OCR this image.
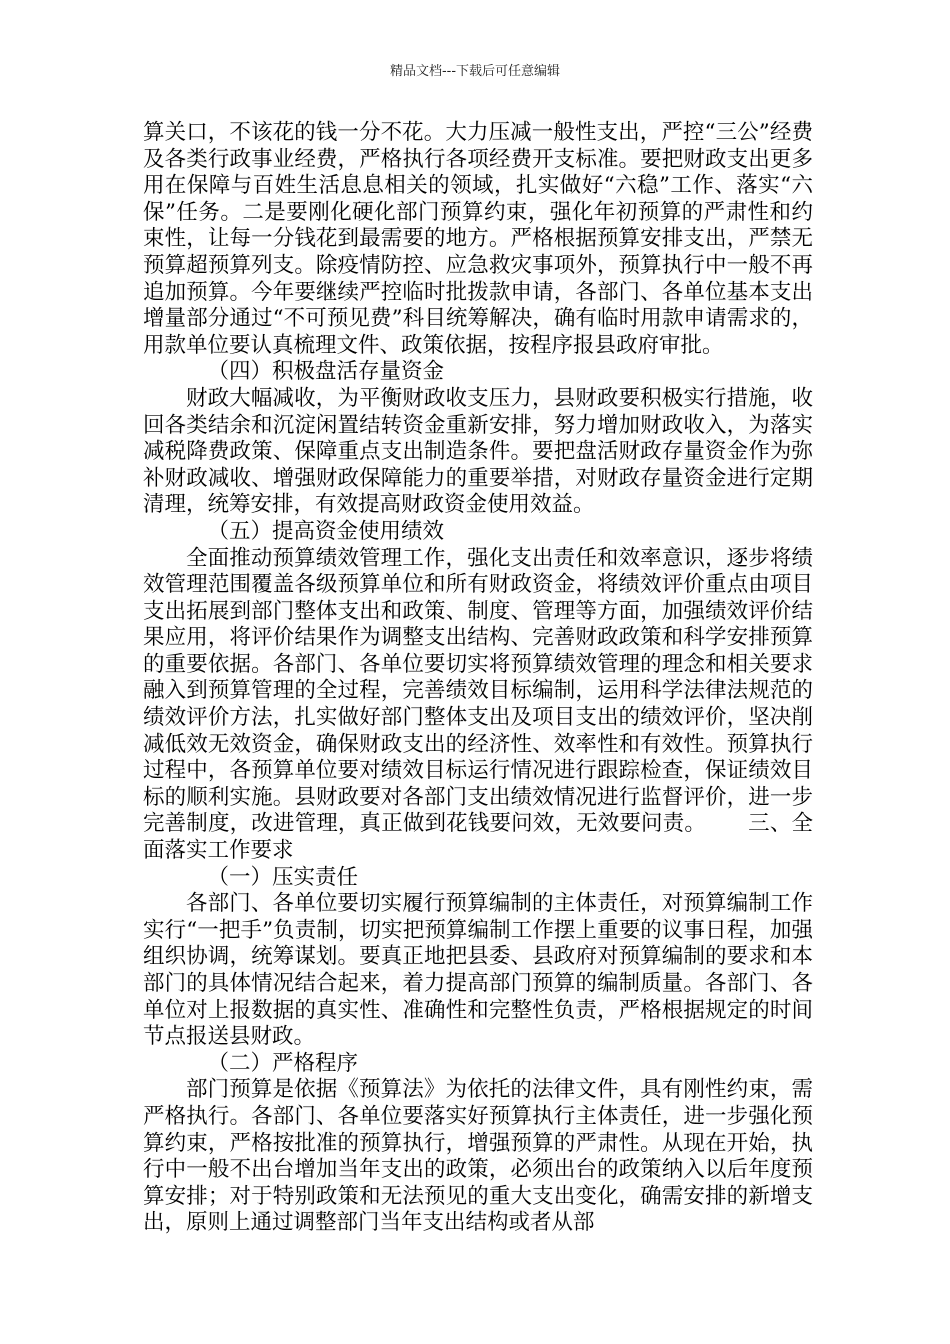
精品文档---下载后可任意编辑

算关口，不该花的钱一分不花。大力压减一般性支出，严控“三公”经费及各类行政事业经费，严格执行各项经费开支标准。要把财政支出更多用在保障与百姓生活息息相关的领域，扎实做好“六稳”工作、落实“六保”任务。二是要刚化硬化部门预算约束，强化年初预算的严肃性和约束性，让每一分钱花到最需要的地方。严格根据预算安排支出，严禁无预算超预算列支。除疫情防控、应急救灾事项外，预算执行中一般不再追加预算。今年要继续严控临时批拨款申请，各部门、各单位基本支出增量部分通过“不可预见费”科目统筹解决，确有临时用款申请需求的，用款单位要认真梳理文件、政策依据，按程序报县政府审批。

（四）积极盘活存量资金

财政大幅减收，为平衡财政收支压力，县财政要积极实行措施，收回各类结余和沉淀闲置结转资金重新安排，努力增加财政收入，为落实减税降费政策、保障重点支出制造条件。要把盘活财政存量资金作为弥补财政减收、增强财政保障能力的重要举措，对财政存量资金进行定期清理，统筹安排，有效提高财政资金使用效益。

（五）提高资金使用绩效

全面推动预算绩效管理工作，强化支出责任和效率意识，逐步将绩效管理范围覆盖各级预算单位和所有财政资金，将绩效评价重点由项目支出拓展到部门整体支出和政策、制度、管理等方面，加强绩效评价结果应用，将评价结果作为调整支出结构、完善财政政策和科学安排预算的重要依据。各部门、各单位要切实将预算绩效管理的理念和相关要求融入到预算管理的全过程，完善绩效目标编制，运用科学法律法规范的绩效评价方法，扎实做好部门整体支出及项目支出的绩效评价，坚决削减低效无效资金，确保财政支出的经济性、效率性和有效性。预算执行过程中，各预算单位要对绩效目标运行情况进行跟踪检查，保证绩效目标的顺利实施。县财政要对各部门支出绩效情况进行监督评价，进一步完善制度，改进管理，真正做到花钱要问效，无效要问责。 三、全面落实工作要求

（一）压实责任

各部门、各单位要切实履行预算编制的主体责任，对预算编制工作实行“一把手”负责制，切实把预算编制工作摆上重要的议事日程，加强组织协调，统筹谋划。要真正地把县委、县政府对预算编制的要求和本部门的具体情况结合起来，着力提高部门预算的编制质量。各部门、各单位对上报数据的真实性、准确性和完整性负责，严格根据规定的时间节点报送县财政。

（二）严格程序

部门预算是依据《预算法》为依托的法律文件，具有刚性约束，需严格执行。各部门、各单位要落实好预算执行主体责任，进一步强化预算约束，严格按批准的预算执行，增强预算的严肃性。从现在开始，执行中一般不出台增加当年支出的政策，必须出台的政策纳入以后年度预算安排；对于特别政策和无法预见的重大支出变化，确需安排的新增支出，原则上通过调整部门当年支出结构或者从部
